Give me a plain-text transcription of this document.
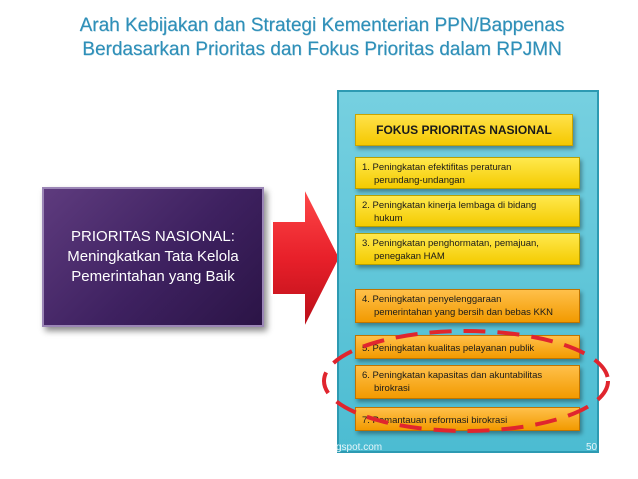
Arah Kebijakan dan Strategi Kementerian PPN/Bappenas
Berdasarkan Prioritas dan Fokus Prioritas dalam RPJMN
PRIORITAS NASIONAL:
Meningkatkan Tata Kelola
Pemerintahan yang Baik
FOKUS PRIORITAS NASIONAL
1. Peningkatan efektifitas peraturan
perundang-undangan
2. Peningkatan kinerja lembaga di bidang
hukum
3. Peningkatan penghormatan, pemajuan,
penegakan HAM
4. Peningkatan penyelenggaraan
pemerintahan yang bersih dan bebas KKN
5. Peningkatan kualitas pelayanan publik
6. Peningkatan kapasitas dan akuntabilitas
birokrasi
7. Pemantauan reformasi birokrasi
gspot.com	50
